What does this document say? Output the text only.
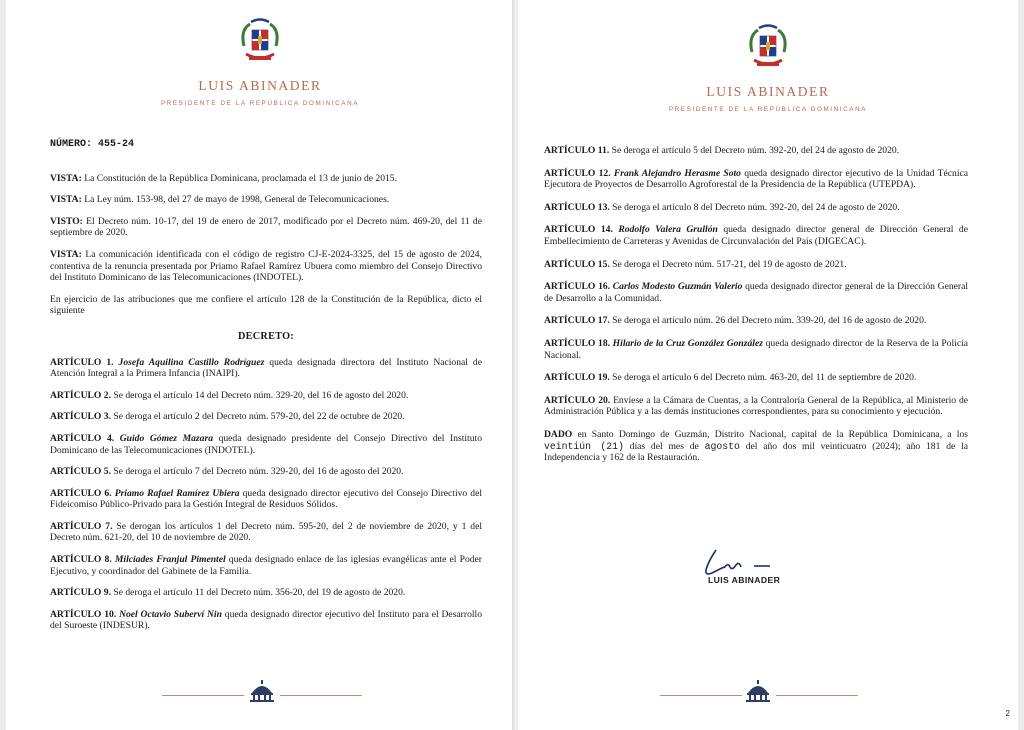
LUIS ABINADER
PRESIDENTE DE LA REPÚBLICA DOMINICANA

NÚMERO: 455-24

VISTA: La Constitución de la República Dominicana, proclamada el 13 de junio de 2015.

VISTA: La Ley núm. 153-98, del 27 de mayo de 1998, General de Telecomunicaciones.

VISTO: El Decreto núm. 10-17, del 19 de enero de 2017, modificado por el Decreto núm. 469-20, del 11 de septiembre de 2020.

VISTA: La comunicación identificada con el código de registro CJ-E-2024-3325, del 15 de agosto de 2024, contentiva de la renuncia presentada por Priamo Rafael Ramírez Ubuera como miembro del Consejo Directivo del Instituto Dominicano de las Telecomunicaciones (INDOTEL).

En ejercicio de las atribuciones que me confiere el artículo 128 de la Constitución de la República, dicto el siguiente

DECRETO:

ARTÍCULO 1. Josefa Aquilina Castillo Rodríguez queda designada directora del Instituto Nacional de Atención Integral a la Primera Infancia (INAIPI).

ARTÍCULO 2. Se deroga el artículo 14 del Decreto núm. 329-20, del 16 de agosto del 2020.

ARTÍCULO 3. Se deroga el artículo 2 del Decreto núm. 579-20, del 22 de octubre de 2020.

ARTÍCULO 4. Guido Gómez Mazara queda designado presidente del Consejo Directivo del Instituto Dominicano de las Telecomunicaciones (INDOTEL).

ARTÍCULO 5. Se deroga el artículo 7 del Decreto núm. 329-20, del 16 de agosto del 2020.

ARTÍCULO 6. Priamo Rafael Ramírez Ubiera queda designado director ejecutivo del Consejo Directivo del Fideicomiso Público-Privado para la Gestión Integral de Residuos Sólidos.

ARTÍCULO 7. Se derogan los artículos 1 del Decreto núm. 595-20, del 2 de noviembre de 2020, y 1 del Decreto núm. 621-20, del 10 de noviembre de 2020.

ARTÍCULO 8. Milciades Franjul Pimentel queda designado enlace de las iglesias evangélicas ante el Poder Ejecutivo, y coordinador del Gabinete de la Familia.

ARTÍCULO 9. Se deroga el artículo 11 del Decreto núm. 356-20, del 19 de agosto de 2020.

ARTÍCULO 10. Noel Octavio Suberví Nin queda designado director ejecutivo del Instituto para el Desarrollo del Suroeste (INDESUR).

LUIS ABINADER
PRESIDENTE DE LA REPÚBLICA DOMINICANA

ARTÍCULO 11. Se deroga el artículo 5 del Decreto núm. 392-20, del 24 de agosto de 2020.

ARTÍCULO 12. Frank Alejandro Herasme Soto queda designado director ejecutivo de la Unidad Técnica Ejecutora de Proyectos de Desarrollo Agroforestal de la Presidencia de la República (UTEPDA).

ARTÍCULO 13. Se deroga el artículo 8 del Decreto núm. 392-20, del 24 de agosto de 2020.

ARTÍCULO 14. Rodolfo Valera Grullón queda designado director general de Dirección General de Embellecimiento de Carreteras y Avenidas de Circunvalación del País (DIGECAC).

ARTÍCULO 15. Se deroga el Decreto núm. 517-21, del 19 de agosto de 2021.

ARTÍCULO 16. Carlos Modesto Guzmán Valerio queda designado director general de la Dirección General de Desarrollo a la Comunidad.

ARTÍCULO 17. Se deroga el artículo núm. 26 del Decreto núm. 339-20, del 16 de agosto de 2020.

ARTÍCULO 18. Hilario de la Cruz González González queda designado director de la Reserva de la Policía Nacional.

ARTÍCULO 19. Se deroga el artículo 6 del Decreto núm. 463-20, del 11 de septiembre de 2020.

ARTÍCULO 20. Envíese a la Cámara de Cuentas, a la Contraloría General de la República, al Ministerio de Administración Pública y a las demás instituciones correspondientes, para su conocimiento y ejecución.

DADO en Santo Domingo de Guzmán, Distrito Nacional, capital de la República Dominicana, a los veintiún (21) días del mes de agosto del año dos mil veinticuatro (2024); año 181 de la Independencia y 162 de la Restauración.

LUIS ABINADER
2
